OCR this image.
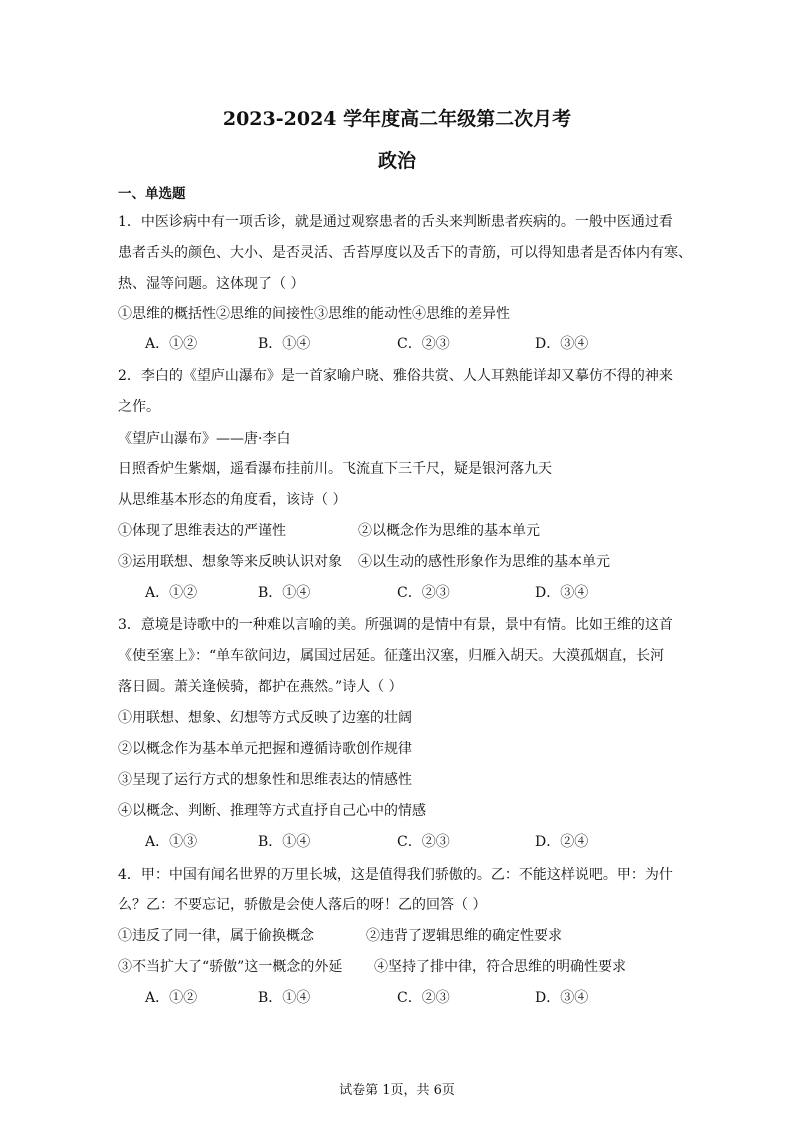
2023-2024 学年度高二年级第二次月考
政治
一、单选题
1．中医诊病中有一项舌诊，就是通过观察患者的舌头来判断患者疾病的。一般中医通过看
患者舌头的颜色、大小、是否灵活、舌苔厚度以及舌下的青筋，可以得知患者是否体内有寒、
热、湿等问题。这体现了（ ）
①思维的概括性②思维的间接性③思维的能动性④思维的差异性
A．①②	B．①④	C．②③	D．③④
2．李白的《望庐山瀑布》是一首家喻户晓、雅俗共赏、人人耳熟能详却又摹仿不得的神来
之作。
《望庐山瀑布》——唐·李白
日照香炉生紫烟，遥看瀑布挂前川。飞流直下三千尺，疑是银河落九天
从思维基本形态的角度看，该诗（ ）
①体现了思维表达的严谨性	②以概念作为思维的基本单元
③运用联想、想象等来反映认识对象 ④以生动的感性形象作为思维的基本单元
A．①②	B．①④	C．②③	D．③④
3．意境是诗歌中的一种难以言喻的美。所强调的是情中有景，景中有情。比如王维的这首
《使至塞上》：“单车欲问边，属国过居延。征蓬出汉塞，归雁入胡天。大漠孤烟直，长河
落日圆。萧关逢候骑，都护在燕然。”诗人（ ）
①用联想、想象、幻想等方式反映了边塞的壮阔
②以概念作为基本单元把握和遵循诗歌创作规律
③呈现了运行方式的想象性和思维表达的情感性
④以概念、判断、推理等方式直抒自己心中的情感
A．①③	B．①④	C．②③	D．②④
4．甲：中国有闻名世界的万里长城，这是值得我们骄傲的。乙：不能这样说吧。甲：为什
么？乙：不要忘记，骄傲是会使人落后的呀！乙的回答（ ）
①违反了同一律，属于偷换概念	②违背了逻辑思维的确定性要求
③不当扩大了“骄傲”这一概念的外延 ④坚持了排中律，符合思维的明确性要求
A．①②	B．①④	C．②③	D．③④
试卷第 1页，共 6页
